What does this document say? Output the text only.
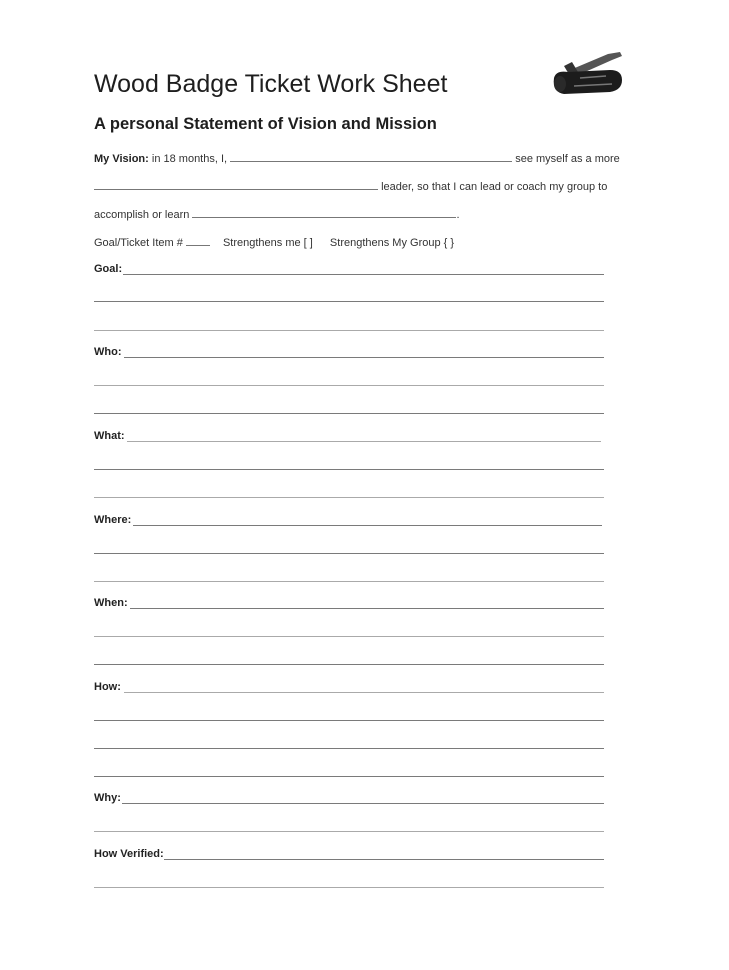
Wood Badge Ticket Work Sheet
A personal Statement of Vision and Mission
My Vision: in 18 months, I,	see myself as a more
leader, so that I can lead or coach my group to
accomplish or learn	.
Goal/Ticket Item #	Strengthens me [ ] Strengthens My Group { }
Goal:
Who:
What:
Where:
When:
How:
Why:
How Verified:
